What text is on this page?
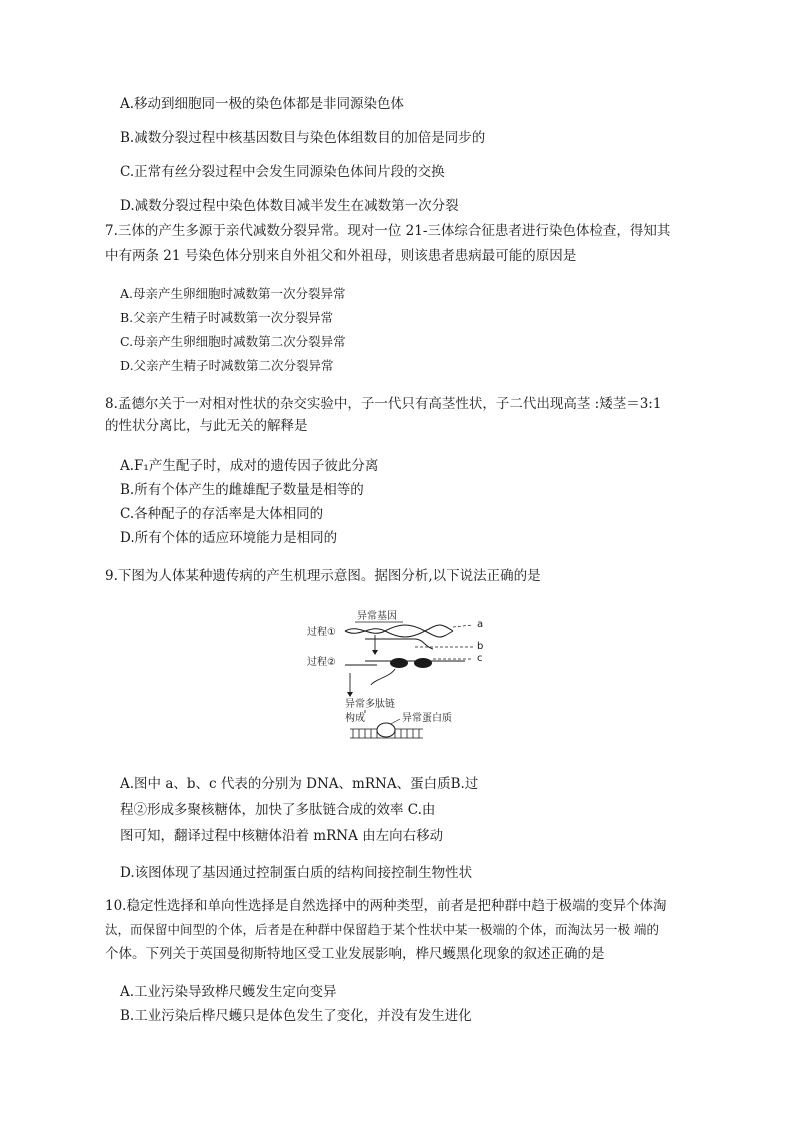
A.移动到细胞同一极的染色体都是非同源染色体
B.减数分裂过程中核基因数目与染色体组数目的加倍是同步的
C.正常有丝分裂过程中会发生同源染色体间片段的交换
D.减数分裂过程中染色体数目减半发生在减数第一次分裂
7.三体的产生多源于亲代减数分裂异常。现对一位 21-三体综合征患者进行染色体检查，得知其
中有两条 21 号染色体分别来自外祖父和外祖母，则该患者患病最可能的原因是
A.母亲产生卵细胞时减数第一次分裂异常
B.父亲产生精子时减数第一次分裂异常
C.母亲产生卵细胞时减数第二次分裂异常
D.父亲产生精子时减数第二次分裂异常
8.孟德尔关于一对相对性状的杂交实验中，子一代只有高茎性状，子二代出现高茎 :矮茎＝3:1
的性状分离比，与此无关的解释是
A.F₁产生配子时，成对的遗传因子彼此分离
B.所有个体产生的雌雄配子数量是相等的
C.各种配子的存活率是大体相同的
D.所有个体的适应环境能力是相同的
9.下图为人体某种遗传病的产生机理示意图。据图分析,以下说法正确的是
异常基因
过程①
过程②
a
b
c
异常多肽链
构成	异常蛋白质
A.图中 a、b、c 代表的分别为 DNA、mRNA、蛋白质B.过
程②形成多聚核糖体，加快了多肽链合成的效率 C.由
图可知，翻译过程中核糖体沿着 mRNA 由左向右移动
D.该图体现了基因通过控制蛋白质的结构间接控制生物性状
10.稳定性选择和单向性选择是自然选择中的两种类型，前者是把种群中趋于极端的变异个体淘
汰，而保留中间型的个体，后者是在种群中保留趋于某个性状中某一极端的个体，而淘汰另一极 端的
个体。下列关于英国曼彻斯特地区受工业发展影响，桦尺蠖黑化现象的叙述正确的是
A.工业污染导致桦尺蠖发生定向变异
B.工业污染后桦尺蠖只是体色发生了变化，并没有发生进化
